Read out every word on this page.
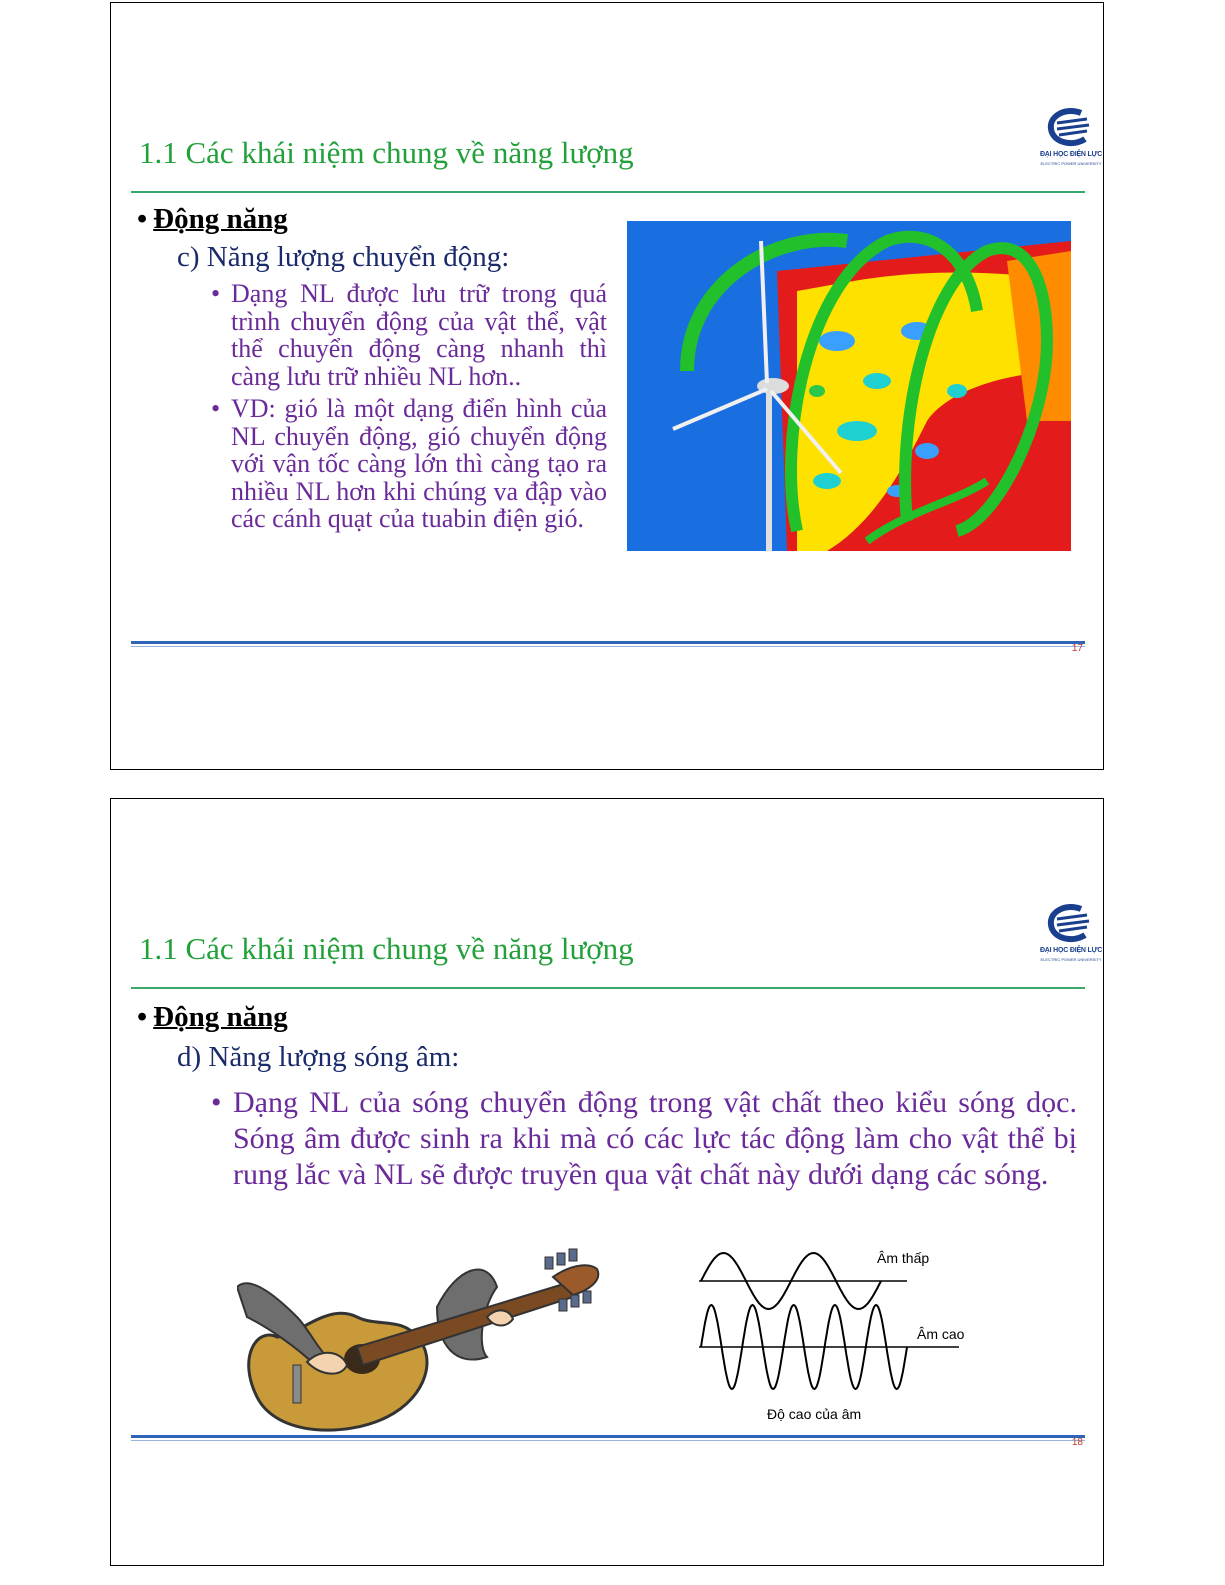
1.1 Các khái niệm chung về năng lượng	ĐẠI HỌC ĐIỆN LỰC
ELECTRIC POWER UNIVERSITY
• Động năng
c) Năng lượng chuyển động:
• Dạng NL được lưu trữ trong quá trình chuyển động của vật thể, vật thể chuyển động càng nhanh thì càng lưu trữ nhiều NL hơn..
• VD: gió là một dạng điển hình của NL chuyển động, gió chuyển động với vận tốc càng lớn thì càng tạo ra nhiều NL hơn khi chúng va đập vào các cánh quạt của tuabin điện gió.
17
1.1 Các khái niệm chung về năng lượng	ĐẠI HỌC ĐIỆN LỰC
ELECTRIC POWER UNIVERSITY
• Động năng
d) Năng lượng sóng âm:
• Dạng NL của sóng chuyển động trong vật chất theo kiểu sóng dọc. Sóng âm được sinh ra khi mà có các lực tác động làm cho vật thể bị rung lắc và NL sẽ được truyền qua vật chất này dưới dạng các sóng.
Âm thấp
Âm cao
Độ cao của âm
18
